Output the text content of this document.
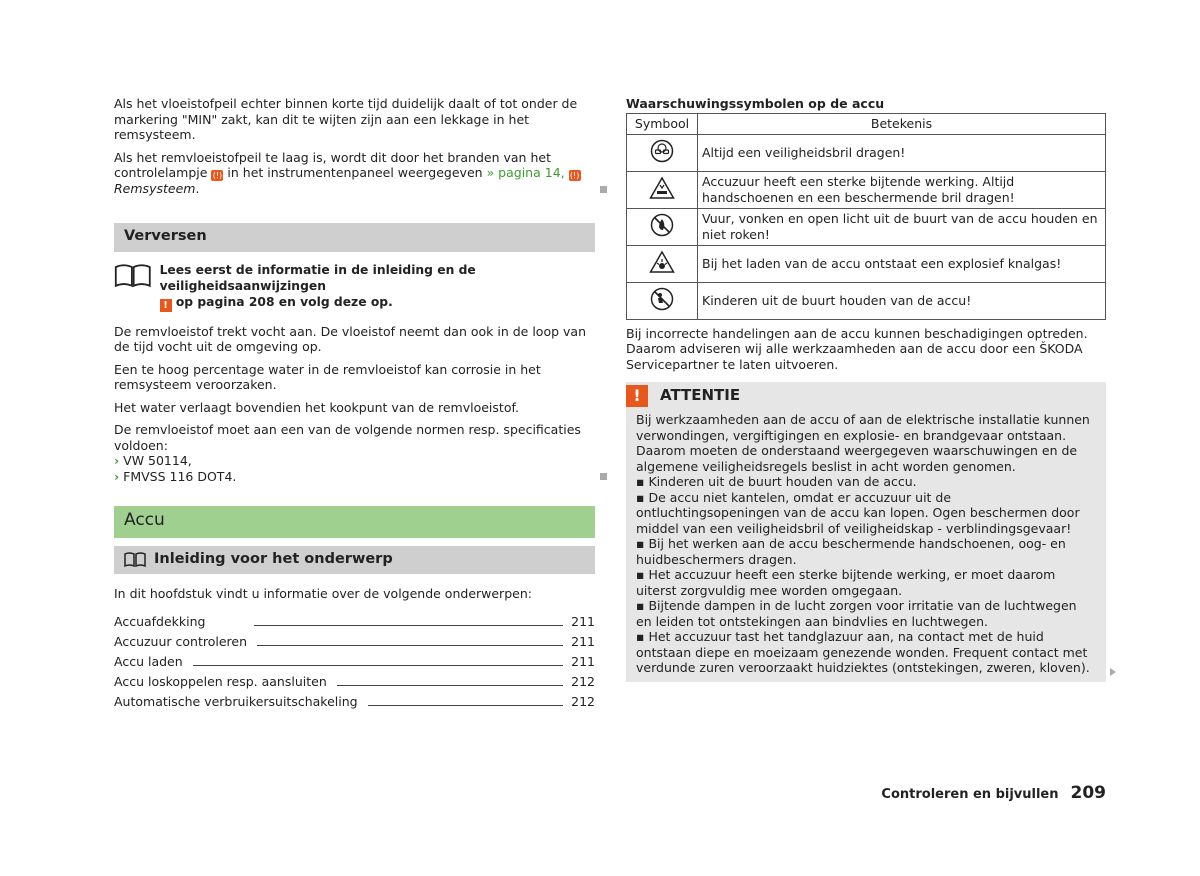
Als het vloeistofpeil echter binnen korte tijd duidelijk daalt of tot onder de markering "MIN" zakt, kan dit te wijten zijn aan een lekkage in het remsysteem.

Als het remvloeistofpeil te laag is, wordt dit door het branden van het controlelampje (!) in het instrumentenpaneel weergegeven » pagina 14, (!)Remsysteem.

Verversen
Lees eerst de informatie in de inleiding en de veiligheidsaanwijzingen
! op pagina 208 en volg deze op.

De remvloeistof trekt vocht aan. De vloeistof neemt dan ook in de loop van de tijd vocht uit de omgeving op.

Een te hoog percentage water in de remvloeistof kan corrosie in het remsysteem veroorzaken.

Het water verlaagt bovendien het kookpunt van de remvloeistof.

De remvloeistof moet aan een van de volgende normen resp. specificaties voldoen:

› VW 50114,
› FMVSS 116 DOT4.
Accu
Inleiding voor het onderwerp

In dit hoofdstuk vindt u informatie over de volgende onderwerpen:

Accuafdekking	211
Accuzuur controleren	211
Accu laden	211
Accu loskoppelen resp. aansluiten	212
Automatische verbruikersuitschakeling	212
Waarschuwingssymbolen op de accu
Symbool	Betekenis
	Altijd een veiligheidsbril dragen!
	Accuzuur heeft een sterke bijtende werking. Altijd handschoenen en een beschermende bril dragen!
	Vuur, vonken en open licht uit de buurt van de accu houden en niet roken!
	Bij het laden van de accu ontstaat een explosief knalgas!
	Kinderen uit de buurt houden van de accu!

Bij incorrecte handelingen aan de accu kunnen beschadigingen optreden. Daarom adviseren wij alle werkzaamheden aan de accu door een ŠKODA Servicepartner te laten uitvoeren.

!	ATTENTIE

Bij werkzaamheden aan de accu of aan de elektrische installatie kunnen verwondingen, vergiftigingen en explosie- en brandgevaar ontstaan. Daarom moeten de onderstaand weergegeven waarschuwingen en de algemene veiligheidsregels beslist in acht worden genomen.

▪ Kinderen uit de buurt houden van de accu.

▪ De accu niet kantelen, omdat er accuzuur uit de ontluchtingsopeningen van de accu kan lopen. Ogen beschermen door middel van een veiligheidsbril of veiligheidskap - verblindingsgevaar!

▪ Bij het werken aan de accu beschermende handschoenen, oog- en huidbeschermers dragen.

▪ Het accuzuur heeft een sterke bijtende werking, er moet daarom uiterst zorgvuldig mee worden omgegaan.

▪ Bijtende dampen in de lucht zorgen voor irritatie van de luchtwegen en leiden tot ontstekingen aan bindvlies en luchtwegen.

▪ Het accuzuur tast het tandglazuur aan, na contact met de huid ontstaan diepe en moeizaam genezende wonden. Frequent contact met verdunde zuren veroorzaakt huidziektes (ontstekingen, zweren, kloven).

Controleren en bijvullen 209
